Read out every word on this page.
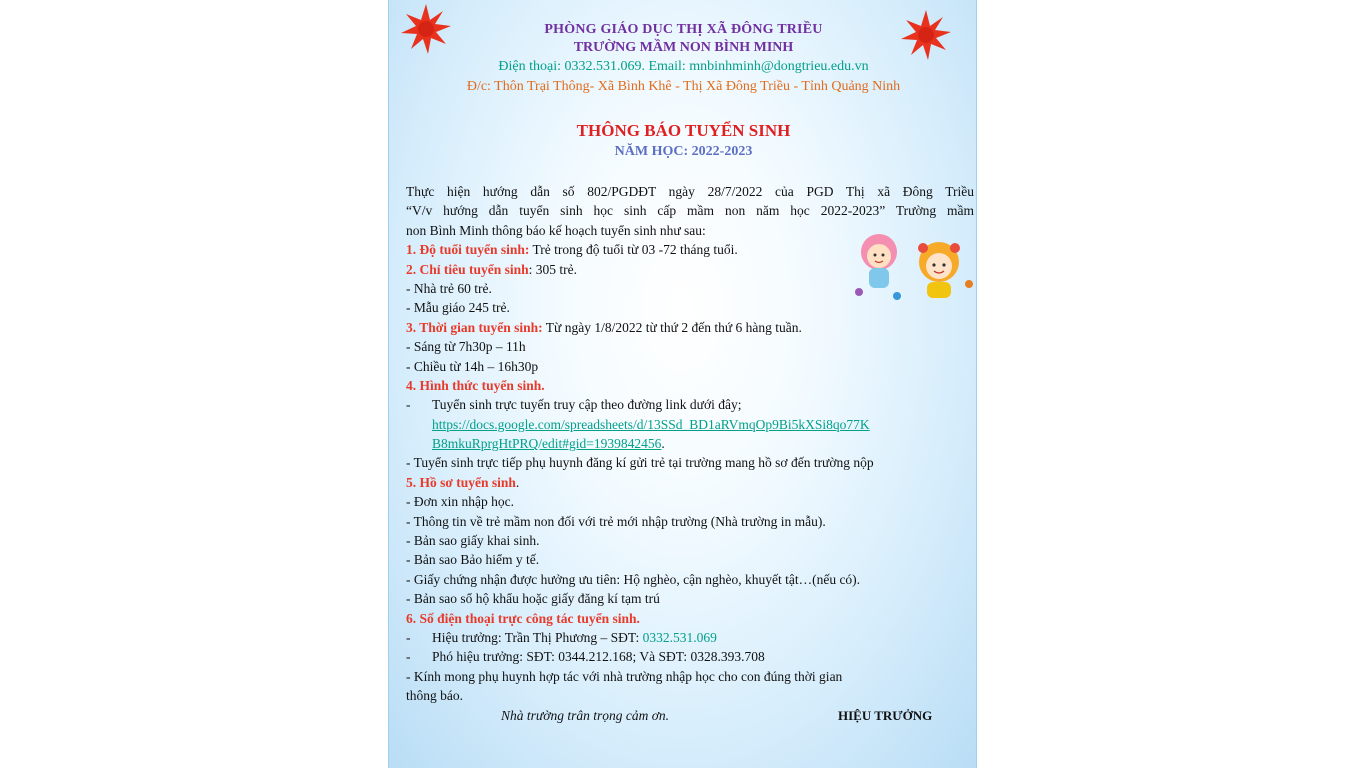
PHÒNG GIÁO DỤC THỊ XÃ ĐÔNG TRIỀU
TRƯỜNG MẦM NON BÌNH MINH
Điện thoại: 0332.531.069. Email: mnbinhminh@dongtrieu.edu.vn
Đ/c: Thôn Trại Thông- Xã Bình Khê - Thị Xã Đông Triều - Tỉnh Quảng Ninh
THÔNG BÁO TUYỂN SINH
NĂM HỌC: 2022-2023
Thực hiện hướng dẫn số 802/PGDĐT ngày 28/7/2022 của PGD Thị xã Đông Triều
“V/v hướng dẫn tuyển sinh học sinh cấp mầm non năm học 2022-2023” Trường mầm
non Bình Minh thông báo kế hoạch tuyển sinh như sau:
1. Độ tuổi tuyển sinh: Trẻ trong độ tuổi từ 03 -72 tháng tuổi.
2. Chỉ tiêu tuyển sinh: 305 trẻ.
- Nhà trẻ 60 trẻ.
- Mẫu giáo 245 trẻ.
3. Thời gian tuyển sinh: Từ ngày 1/8/2022 từ thứ 2 đến thứ 6 hàng tuần.
- Sáng từ 7h30p – 11h
- Chiều từ 14h – 16h30p
4. Hình thức tuyển sinh.
- Tuyển sinh trực tuyến truy cập theo đường link dưới đây;
https://docs.google.com/spreadsheets/d/13SSd_BD1aRVmqOp9Bi5kXSi8qo77K
B8mkuRprgHtPRQ/edit#gid=1939842456.
- Tuyển sinh trực tiếp phụ huynh đăng kí gửi trẻ tại trường mang hồ sơ đến trường nộp
5. Hồ sơ tuyển sinh.
- Đơn xin nhập học.
- Thông tin về trẻ mầm non đối với trẻ mới nhập trường (Nhà trường in mẫu).
- Bản sao giấy khai sinh.
- Bản sao Bảo hiểm y tế.
- Giấy chứng nhận được hưởng ưu tiên: Hộ nghèo, cận nghèo, khuyết tật…(nếu có).
- Bản sao sổ hộ khẩu hoặc giấy đăng kí tạm trú
6. Số điện thoại trực công tác tuyển sinh.
- Hiệu trưởng: Trần Thị Phương – SĐT: 0332.531.069
- Phó hiệu trưởng: SĐT: 0344.212.168; Và SĐT: 0328.393.708
- Kính mong phụ huynh hợp tác với nhà trường nhập học cho con đúng thời gian
thông báo.
Nhà trường trân trọng cảm ơn.	HIỆU TRƯỞNG
